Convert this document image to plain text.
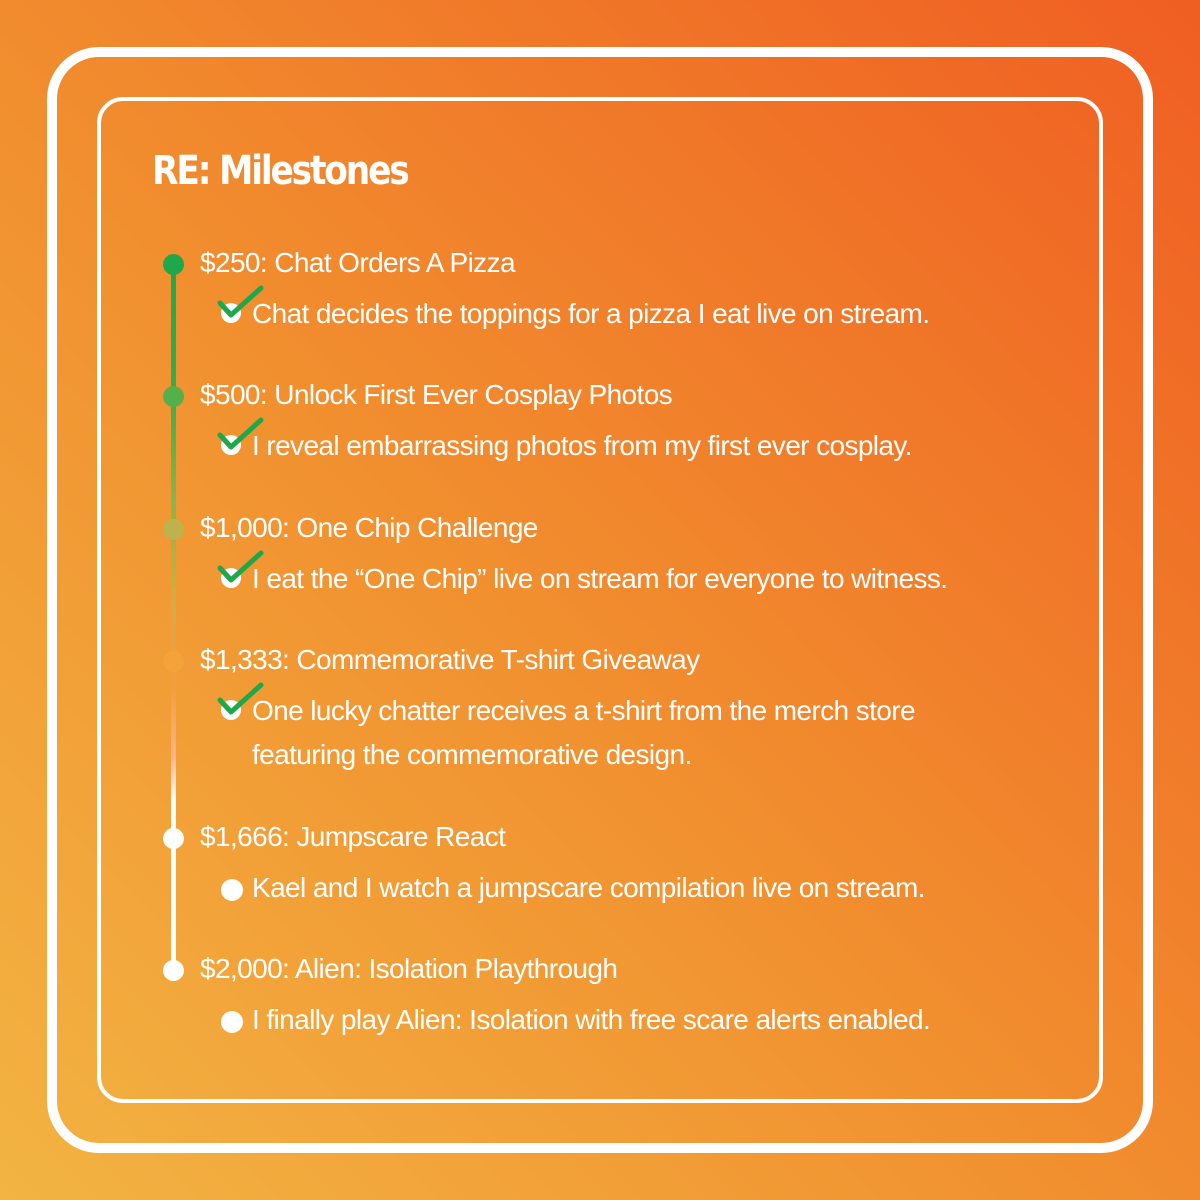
RE: Milestones
$250: Chat Orders A Pizza
Chat decides the toppings for a pizza I eat live on stream.
$500: Unlock First Ever Cosplay Photos
I reveal embarrassing photos from my first ever cosplay.
$1,000: One Chip Challenge
I eat the “One Chip” live on stream for everyone to witness.
$1,333: Commemorative T-shirt Giveaway
One lucky chatter receives a t-shirt from the merch store featuring the commemorative design.
$1,666: Jumpscare React
Kael and I watch a jumpscare compilation live on stream.
$2,000: Alien: Isolation Playthrough
I finally play Alien: Isolation with free scare alerts enabled.
